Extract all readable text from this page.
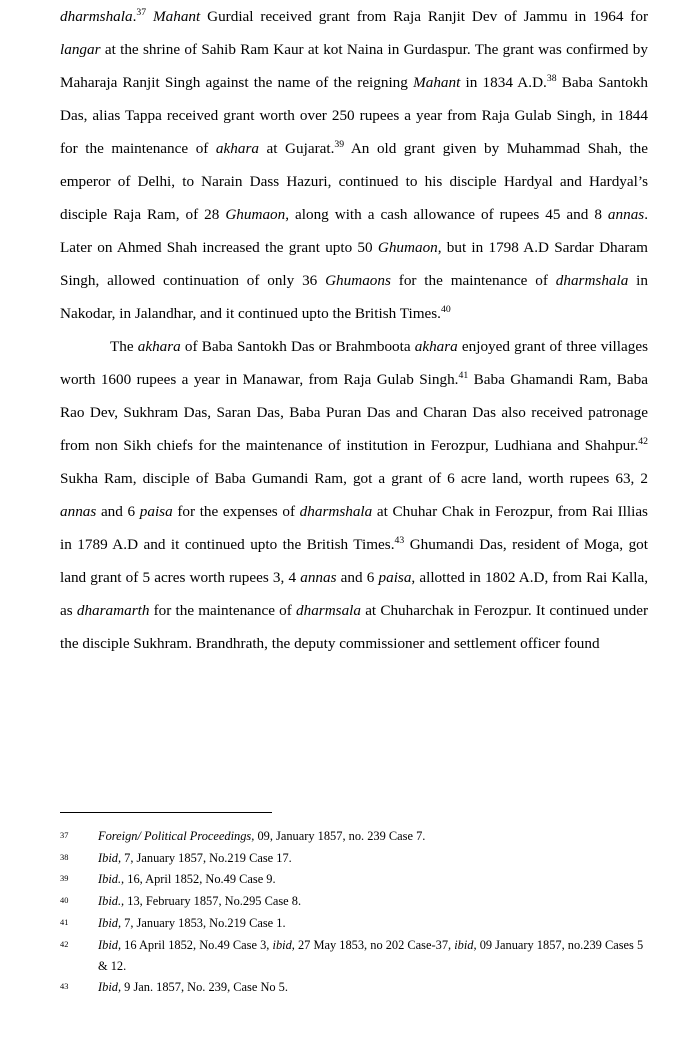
dharmshala.$^{37}$ Mahant Gurdial received grant from Raja Ranjit Dev of Jammu in 1964 for langar at the shrine of Sahib Ram Kaur at kot Naina in Gurdaspur. The grant was confirmed by Maharaja Ranjit Singh against the name of the reigning Mahant in 1834 A.D.$^{38}$ Baba Santokh Das, alias Tappa received grant worth over 250 rupees a year from Raja Gulab Singh, in 1844 for the maintenance of akhara at Gujarat.$^{39}$ An old grant given by Muhammad Shah, the emperor of Delhi, to Narain Dass Hazuri, continued to his disciple Hardyal and Hardyal’s disciple Raja Ram, of 28 Ghumaon, along with a cash allowance of rupees 45 and 8 annas. Later on Ahmed Shah increased the grant upto 50 Ghumaon, but in 1798 A.D Sardar Dharam Singh, allowed continuation of only 36 Ghumaons for the maintenance of dharmshala in Nakodar, in Jalandhar, and it continued upto the British Times.$^{40}$

The akhara of Baba Santokh Das or Brahmboota akhara enjoyed grant of three villages worth 1600 rupees a year in Manawar, from Raja Gulab Singh.$^{41}$ Baba Ghamandi Ram, Baba Rao Dev, Sukhram Das, Saran Das, Baba Puran Das and Charan Das also received patronage from non Sikh chiefs for the maintenance of institution in Ferozpur, Ludhiana and Shahpur.$^{42}$ Sukha Ram, disciple of Baba Gumandi Ram, got a grant of 6 acre land, worth rupees 63, 2 annas and 6 paisa for the expenses of dharmshala at Chuhar Chak in Ferozpur, from Rai Illias in 1789 A.D and it continued upto the British Times.$^{43}$ Ghumandi Das, resident of Moga, got land grant of 5 acres worth rupees 3, 4 annas and 6 paisa, allotted in 1802 A.D, from Rai Kalla, as dharamarth for the maintenance of dharmsala at Chuharchak in Ferozpur. It continued under the disciple Sukhram. Brandhrath, the deputy commissioner and settlement officer found

37	Foreign/ Political Proceedings, 09, January 1857, no. 239 Case 7.
38	Ibid, 7, January 1857, No.219 Case 17.
39	Ibid., 16, April 1852, No.49 Case 9.
40	Ibid., 13, February 1857, No.295 Case 8.
41	Ibid, 7, January 1853, No.219 Case 1.
42	Ibid, 16 April 1852, No.49 Case 3, ibid, 27 May 1853, no 202 Case-37, ibid, 09 January 1857, no.239 Cases 5 & 12.
43	Ibid, 9 Jan. 1857, No. 239, Case No 5.
